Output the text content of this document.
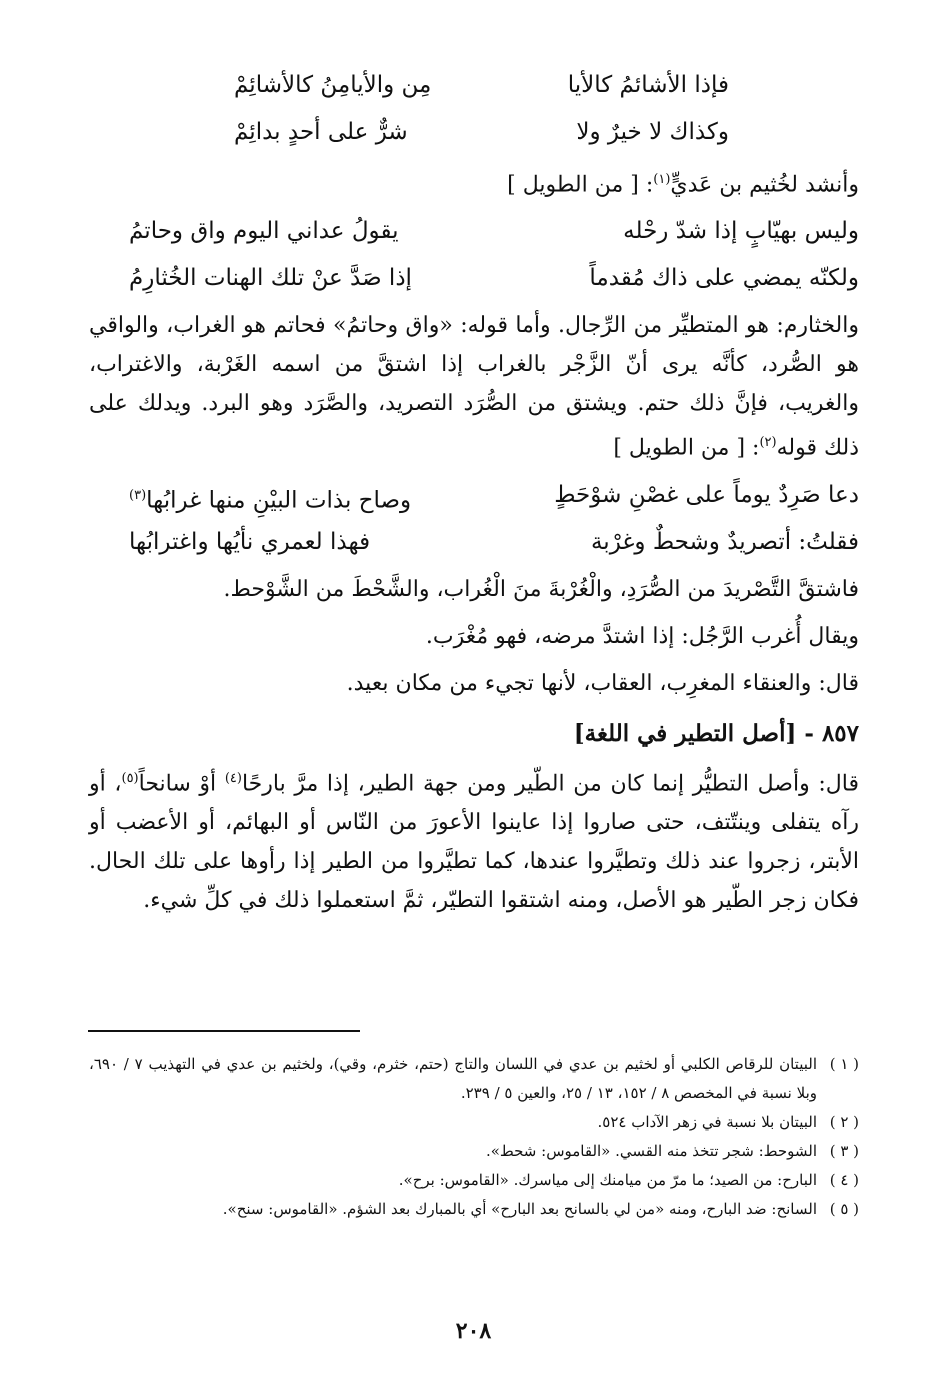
فإذا الأشائمُ كالأيا
مِن والأيامِنُ كالأشائِمْ
وكذاك لا خيرٌ ولا
شرٌّ على أحدٍ بدائِمْ

وأنشد لخُثيم بن عَديٍّ$^{(١)}$: [ من الطويل ]

وليس بهيّابٍ إذا شدّ رحْله
يقولُ عداني اليوم واق وحاتمُ
ولكنّه يمضي على ذاك مُقدماً
إذا صَدَّ عنْ تلك الهنات الخُثارِمُ

والخثارم: هو المتطيِّر من الرِّجال. وأما قوله: «واق وحاتمُ» فحاتم هو الغراب، والواقي هو الصُّرد، كأنَّه يرى أنّ الزَّجْر بالغراب إذا اشتقَّ من اسمه الغَرْبة، والاغتراب، والغريب، فإنَّ ذلك حتم. ويشتق من الصُّرَد التصريد، والصَّرَد وهو البرد. ويدلك على ذلك قوله$^{(٢)}$: [ من الطويل ]

دعا صَرِدٌ يوماً على غصْنِ شوْحَطٍ
وصاح بذات البيْنِ منها غرابُها$^{(٣)}$
فقلتُ: أتصريدٌ وشحطٌ وغرْبة
فهذا لعمري نأيُها واغترابُها

فاشتقَّ التَّصْريدَ من الصُّرَدِ، والْغُرْبةَ منَ الْغُراب، والشَّحْطَ من الشَّوْحط.

ويقال أُغرب الرَّجُل: إذا اشتدَّ مرضه، فهو مُغْرَب.

قال: والعنقاء المغرِب، العقاب، لأنها تجيء من مكان بعيد.

٨٥٧ - [أصل التطير في اللغة]

قال: وأصل التطيُّر إنما كان من الطّير ومن جهة الطير، إذا مرَّ بارحًا$^{(٤)}$ أوْ سانحاً$^{(٥)}$، أو رآه يتفلى وينتّتف، حتى صاروا إذا عاينوا الأعورَ من النّاس أو البهائم، أو الأعضب أو الأبتر، زجروا عند ذلك وتطيَّروا عندها، كما تطيَّروا من الطير إذا رأوها على تلك الحال. فكان زجر الطّير هو الأصل، ومنه اشتقوا التطيّر، ثمَّ استعملوا ذلك في كلِّ شيء.

( ١ )
البيتان للرقاص الكلبي أو لخثيم بن عدي في اللسان والتاج (حتم، خثرم، وقي)، ولخثيم بن عدي في التهذيب ٧ / ٦٩٠، وبلا نسبة في المخصص ٨ / ١٥٢، ١٣ / ٢٥، والعين ٥ / ٢٣٩.
( ٢ )
البيتان بلا نسبة في زهر الآداب ٥٢٤.
( ٣ )
الشوحط: شجر تتخذ منه القسي. «القاموس: شحط».
( ٤ )
البارح: من الصيد؛ ما مرّ من ميامنك إلى مياسرك. «القاموس: برح».
( ٥ )
السانح: ضد البارح، ومنه «من لي بالسانح بعد البارح» أي بالمبارك بعد الشؤم. «القاموس: سنح».
٢٠٨
